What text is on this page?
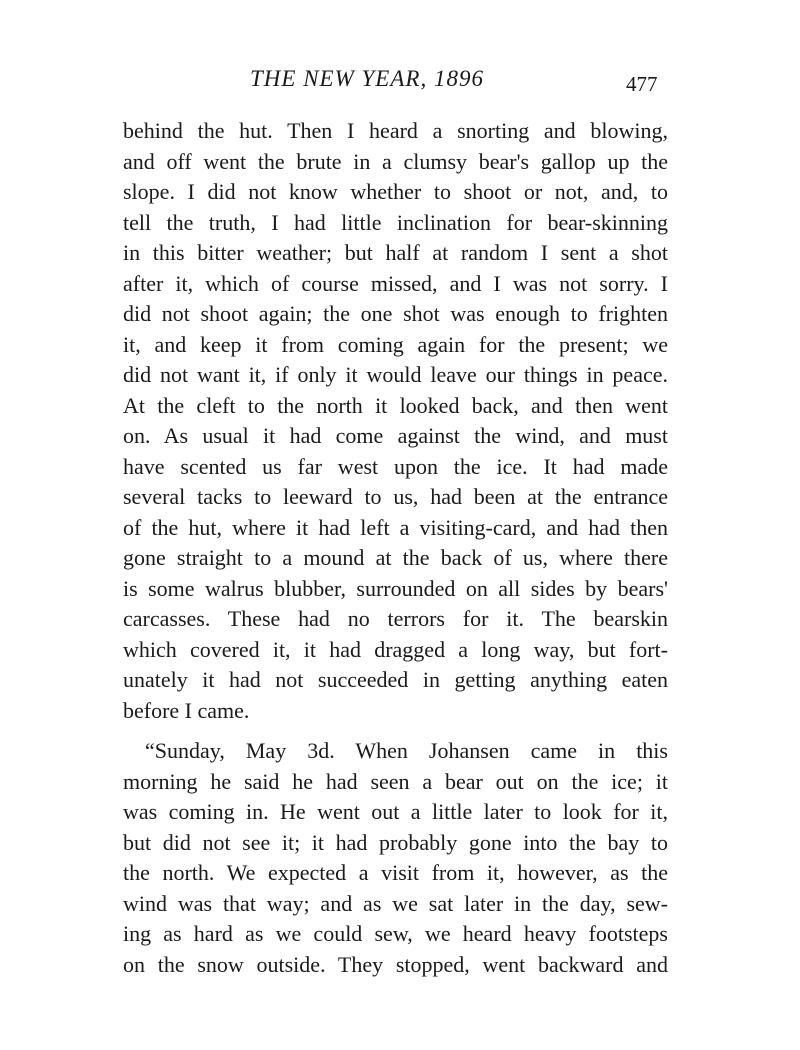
THE NEW YEAR, 1896	477
behind the hut. Then I heard a snorting and blowing,
and off went the brute in a clumsy bear's gallop up the
slope. I did not know whether to shoot or not, and, to
tell the truth, I had little inclination for bear-skinning
in this bitter weather; but half at random I sent a shot
after it, which of course missed, and I was not sorry. I
did not shoot again; the one shot was enough to frighten
it, and keep it from coming again for the present; we
did not want it, if only it would leave our things in peace.
At the cleft to the north it looked back, and then went
on. As usual it had come against the wind, and must
have scented us far west upon the ice. It had made
several tacks to leeward to us, had been at the entrance
of the hut, where it had left a visiting-card, and had then
gone straight to a mound at the back of us, where there
is some walrus blubber, surrounded on all sides by bears'
carcasses. These had no terrors for it. The bearskin
which covered it, it had dragged a long way, but fort-
unately it had not succeeded in getting anything eaten
before I came.
“Sunday, May 3d. When Johansen came in this
morning he said he had seen a bear out on the ice; it
was coming in. He went out a little later to look for it,
but did not see it; it had probably gone into the bay to
the north. We expected a visit from it, however, as the
wind was that way; and as we sat later in the day, sew-
ing as hard as we could sew, we heard heavy footsteps
on the snow outside. They stopped, went backward and
